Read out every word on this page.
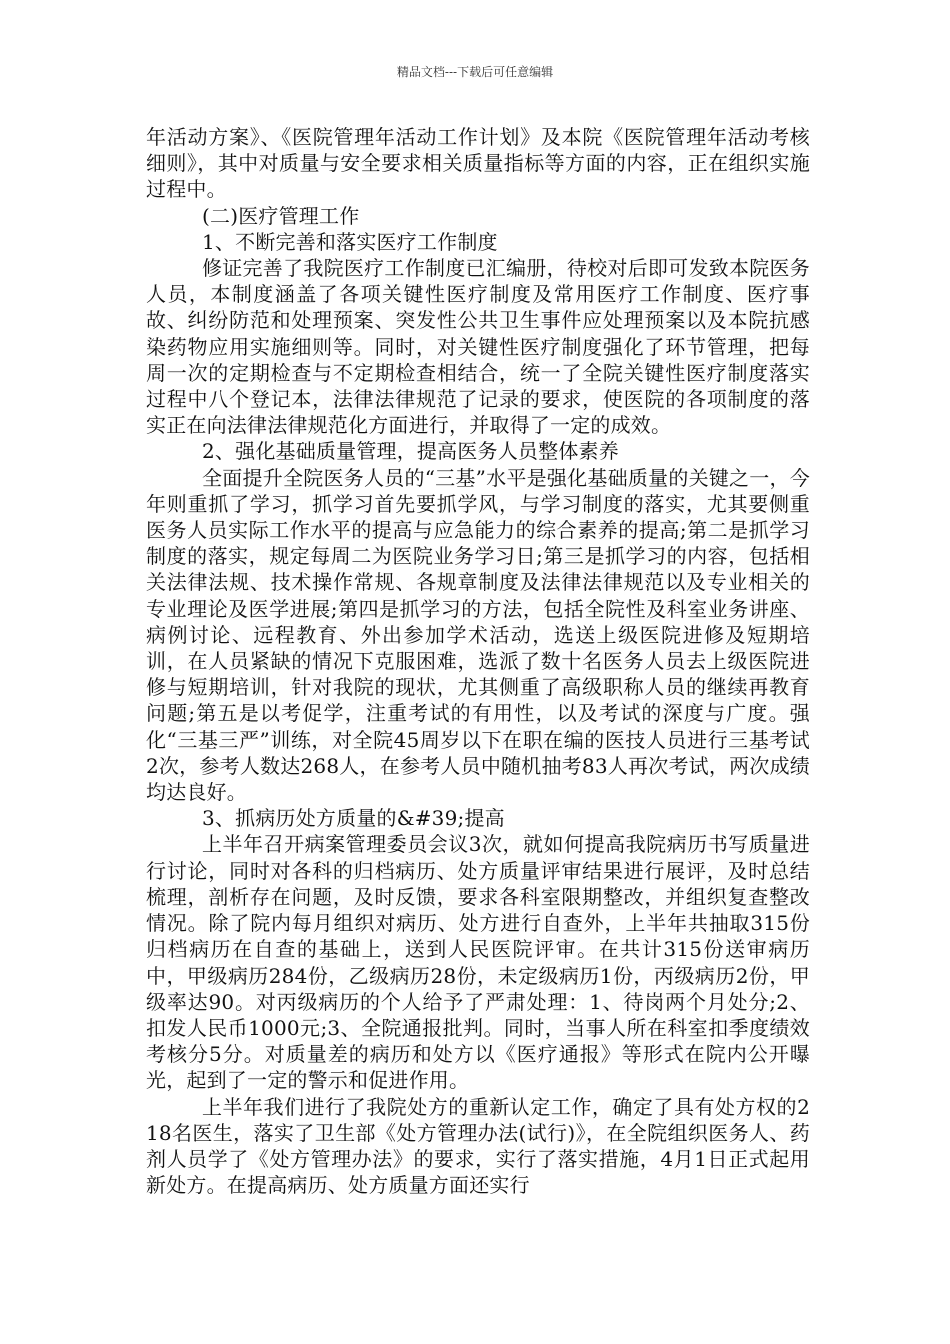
精品文档---下载后可任意编辑

年活动方案》、《医院管理年活动工作计划》及本院《医院管理年活动考核细则》，其中对质量与安全要求相关质量指标等方面的内容，正在组织实施过程中。

(二)医疗管理工作

1、不断完善和落实医疗工作制度

修证完善了我院医疗工作制度已汇编册，待校对后即可发致本院医务人员，本制度涵盖了各项关键性医疗制度及常用医疗工作制度、医疗事故、纠纷防范和处理预案、突发性公共卫生事件应处理预案以及本院抗感染药物应用实施细则等。同时，对关键性医疗制度强化了环节管理，把每周一次的定期检查与不定期检查相结合，统一了全院关键性医疗制度落实过程中八个登记本，法律法律规范了记录的要求，使医院的各项制度的落实正在向法律法律规范化方面进行，并取得了一定的成效。

2、强化基础质量管理，提高医务人员整体素养

全面提升全院医务人员的“三基”水平是强化基础质量的关键之一，今年则重抓了学习，抓学习首先要抓学风，与学习制度的落实，尤其要侧重医务人员实际工作水平的提高与应急能力的综合素养的提高;第二是抓学习制度的落实，规定每周二为医院业务学习日;第三是抓学习的内容，包括相关法律法规、技术操作常规、各规章制度及法律法律规范以及专业相关的专业理论及医学进展;第四是抓学习的方法，包括全院性及科室业务讲座、病例讨论、远程教育、外出参加学术活动，选送上级医院进修及短期培训，在人员紧缺的情况下克服困难，选派了数十名医务人员去上级医院进修与短期培训，针对我院的现状，尤其侧重了高级职称人员的继续再教育问题;第五是以考促学，注重考试的有用性，以及考试的深度与广度。强化“三基三严”训练，对全院45周岁以下在职在编的医技人员进行三基考试2次，参考人数达268人，在参考人员中随机抽考83人再次考试，两次成绩均达良好。

3、抓病历处方质量的&#39;提高

上半年召开病案管理委员会议3次，就如何提高我院病历书写质量进行讨论，同时对各科的归档病历、处方质量评审结果进行展评，及时总结梳理，剖析存在问题，及时反馈，要求各科室限期整改，并组织复查整改情况。除了院内每月组织对病历、处方进行自查外，上半年共抽取315份归档病历在自查的基础上，送到人民医院评审。在共计315份送审病历中，甲级病历284份，乙级病历28份，未定级病历1份，丙级病历2份，甲级率达90。对丙级病历的个人给予了严肃处理：1、待岗两个月处分;2、扣发人民币1000元;3、全院通报批判。同时，当事人所在科室扣季度绩效考核分5分。对质量差的病历和处方以《医疗通报》等形式在院内公开曝光，起到了一定的警示和促进作用。

上半年我们进行了我院处方的重新认定工作，确定了具有处方权的218名医生，落实了卫生部《处方管理办法(试行)》，在全院组织医务人、药剂人员学了《处方管理办法》的要求，实行了落实措施，4月1日正式起用新处方。在提高病历、处方质量方面还实行
